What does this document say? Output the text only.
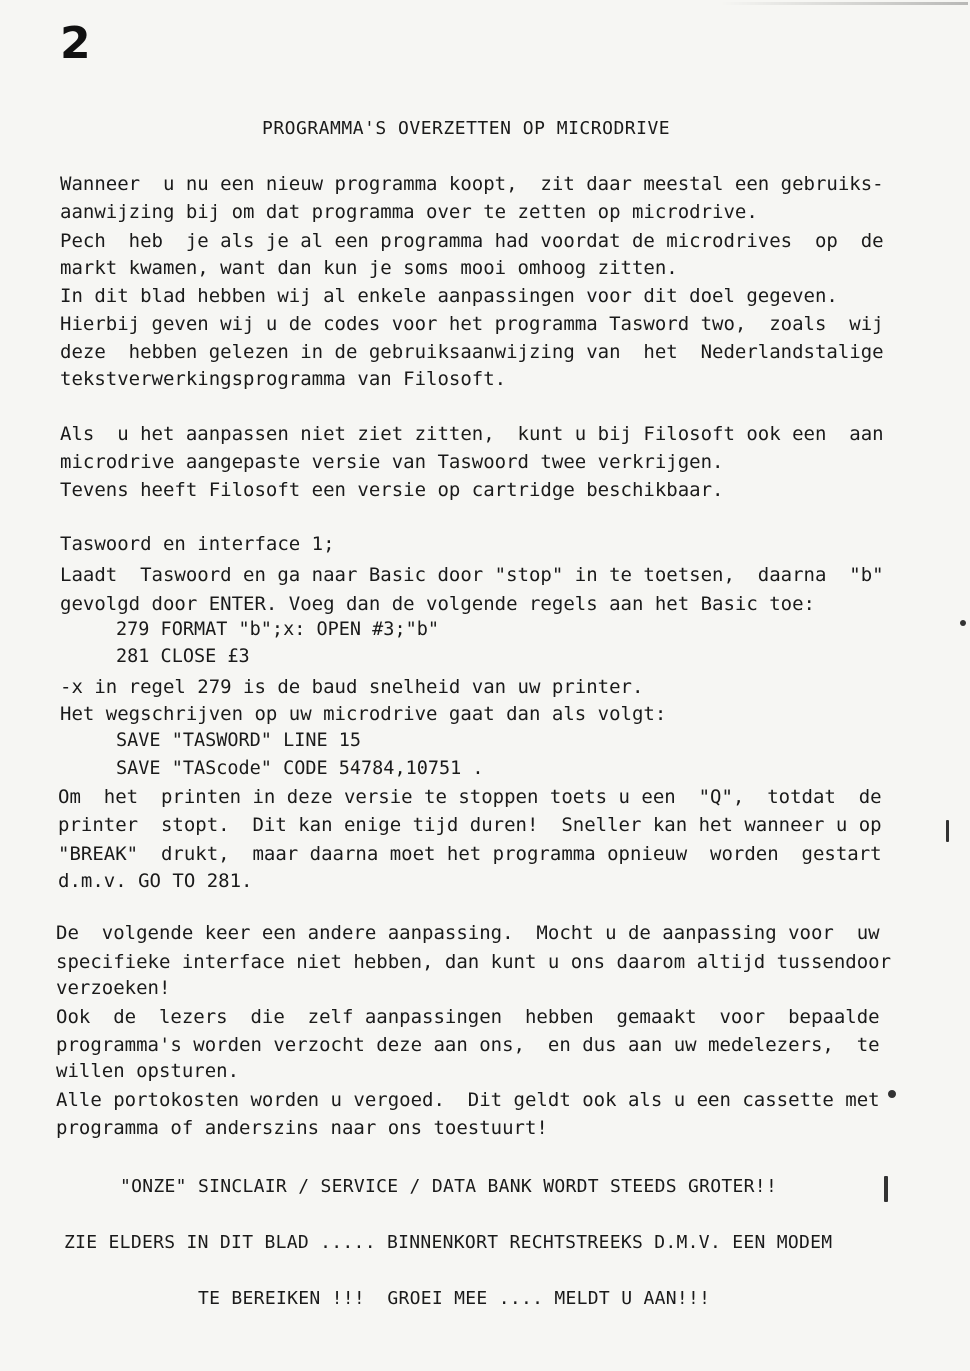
2
PROGRAMMA'S OVERZETTEN OP MICRODRIVE
Wanneer  u nu een nieuw programma koopt,  zit daar meestal een gebruiks-
aanwijzing bij om dat programma over te zetten op microdrive.
Pech  heb  je als je al een programma had voordat de microdrives  op  de
markt kwamen, want dan kun je soms mooi omhoog zitten.
In dit blad hebben wij al enkele aanpassingen voor dit doel gegeven.
Hierbij geven wij u de codes voor het programma Tasword two,  zoals  wij
deze  hebben gelezen in de gebruiksaanwijzing van  het  Nederlandstalige
tekstverwerkingsprogramma van Filosoft.
Als  u het aanpassen niet ziet zitten,  kunt u bij Filosoft ook een  aan
microdrive aangepaste versie van Taswoord twee verkrijgen.
Tevens heeft Filosoft een versie op cartridge beschikbaar.
Taswoord en interface 1;
Laadt  Taswoord en ga naar Basic door "stop" in te toetsen,  daarna  "b"
gevolgd door ENTER. Voeg dan de volgende regels aan het Basic toe:
279 FORMAT "b";x: OPEN #3;"b"
281 CLOSE £3
-x in regel 279 is de baud snelheid van uw printer.
Het wegschrijven op uw microdrive gaat dan als volgt:
SAVE "TASWORD" LINE 15
SAVE "TAScode" CODE 54784,10751 .
Om  het  printen in deze versie te stoppen toets u een  "Q",  totdat  de
printer  stopt.  Dit kan enige tijd duren!  Sneller kan het wanneer u op
"BREAK"  drukt,  maar daarna moet het programma opnieuw  worden  gestart
d.m.v. GO TO 281.
De  volgende keer een andere aanpassing.  Mocht u de aanpassing voor  uw
specifieke interface niet hebben, dan kunt u ons daarom altijd tussendoor
verzoeken!
Ook  de  lezers  die  zelf aanpassingen  hebben  gemaakt  voor  bepaalde
programma's worden verzocht deze aan ons,  en dus aan uw medelezers,  te
willen opsturen.
Alle portokosten worden u vergoed.  Dit geldt ook als u een cassette met
programma of anderszins naar ons toestuurt!
"ONZE" SINCLAIR / SERVICE / DATA BANK WORDT STEEDS GROTER!!
ZIE ELDERS IN DIT BLAD ..... BINNENKORT RECHTSTREEKS D.M.V. EEN MODEM
TE BEREIKEN !!!  GROEI MEE .... MELDT U AAN!!!
